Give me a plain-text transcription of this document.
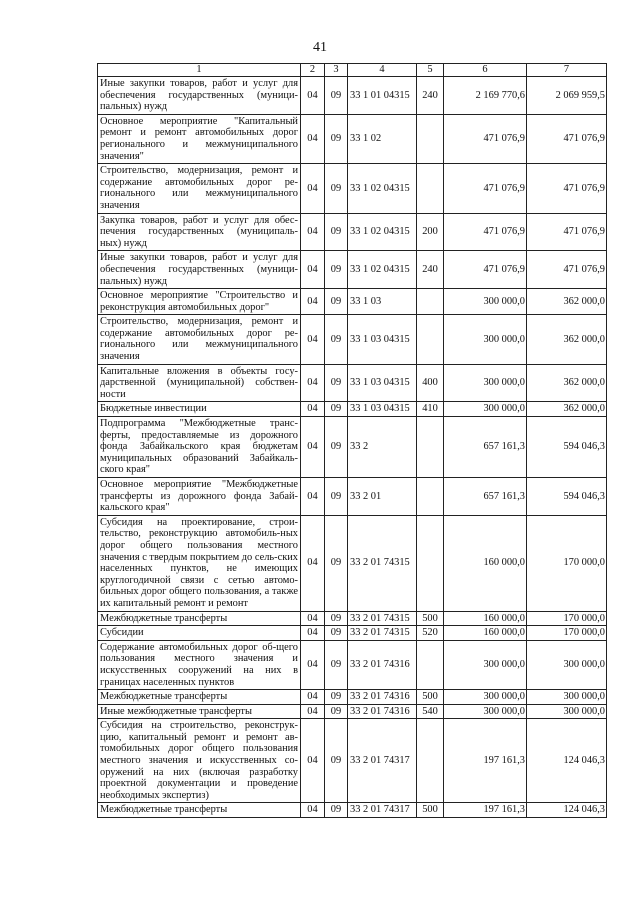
41
1	2	3	4	5	6	7
Иные закупки товаров, работ и услуг для обеспечения государственных (муници-пальных) нужд	04	09	33 1 01 04315	240	2 169 770,6	2 069 959,5
Основное мероприятие "Капитальный ремонт и ремонт автомобильных дорог регионального и межмуниципального значения"	04	09	33 1 02		471 076,9	471 076,9
Строительство, модернизация, ремонт и содержание автомобильных дорог ре-гионального или межмуниципального значения	04	09	33 1 02 04315		471 076,9	471 076,9
Закупка товаров, работ и услуг для обес-печения государственных (муниципаль-ных) нужд	04	09	33 1 02 04315	200	471 076,9	471 076,9
Иные закупки товаров, работ и услуг для обеспечения государственных (муници-пальных) нужд	04	09	33 1 02 04315	240	471 076,9	471 076,9
Основное мероприятие "Строительство и реконструкция автомобильных дорог"	04	09	33 1 03		300 000,0	362 000,0
Строительство, модернизация, ремонт и содержание автомобильных дорог ре-гионального или межмуниципального значения	04	09	33 1 03 04315		300 000,0	362 000,0
Капитальные вложения в объекты госу-дарственной (муниципальной) собствен-ности	04	09	33 1 03 04315	400	300 000,0	362 000,0
Бюджетные инвестиции	04	09	33 1 03 04315	410	300 000,0	362 000,0
Подпрограмма "Межбюджетные транс-ферты, предоставляемые из дорожного фонда Забайкальского края бюджетам муниципальных образований Забайкаль-ского края"	04	09	33 2		657 161,3	594 046,3
Основное мероприятие "Межбюджетные трансферты из дорожного фонда Забай-кальского края"	04	09	33 2 01		657 161,3	594 046,3
Субсидия на проектирование, строи-тельство, реконструкцию автомобиль-ных дорог общего пользования местного значения с твердым покрытием до сель-ских населенных пунктов, не имеющих круглогодичной связи с сетью автомо-бильных дорог общего пользования, а также их капитальный ремонт и ремонт	04	09	33 2 01 74315		160 000,0	170 000,0
Межбюджетные трансферты	04	09	33 2 01 74315	500	160 000,0	170 000,0
Субсидии	04	09	33 2 01 74315	520	160 000,0	170 000,0
Содержание автомобильных дорог об-щего пользования местного значения и искусственных сооружений на них в границах населенных пунктов	04	09	33 2 01 74316		300 000,0	300 000,0
Межбюджетные трансферты	04	09	33 2 01 74316	500	300 000,0	300 000,0
Иные межбюджетные трансферты	04	09	33 2 01 74316	540	300 000,0	300 000,0
Субсидия на строительство, реконструк-цию, капитальный ремонт и ремонт ав-томобильных дорог общего пользования местного значения и искусственных со-оружений на них (включая разработку проектной документации и проведение необходимых экспертиз)	04	09	33 2 01 74317		197 161,3	124 046,3
Межбюджетные трансферты	04	09	33 2 01 74317	500	197 161,3	124 046,3
